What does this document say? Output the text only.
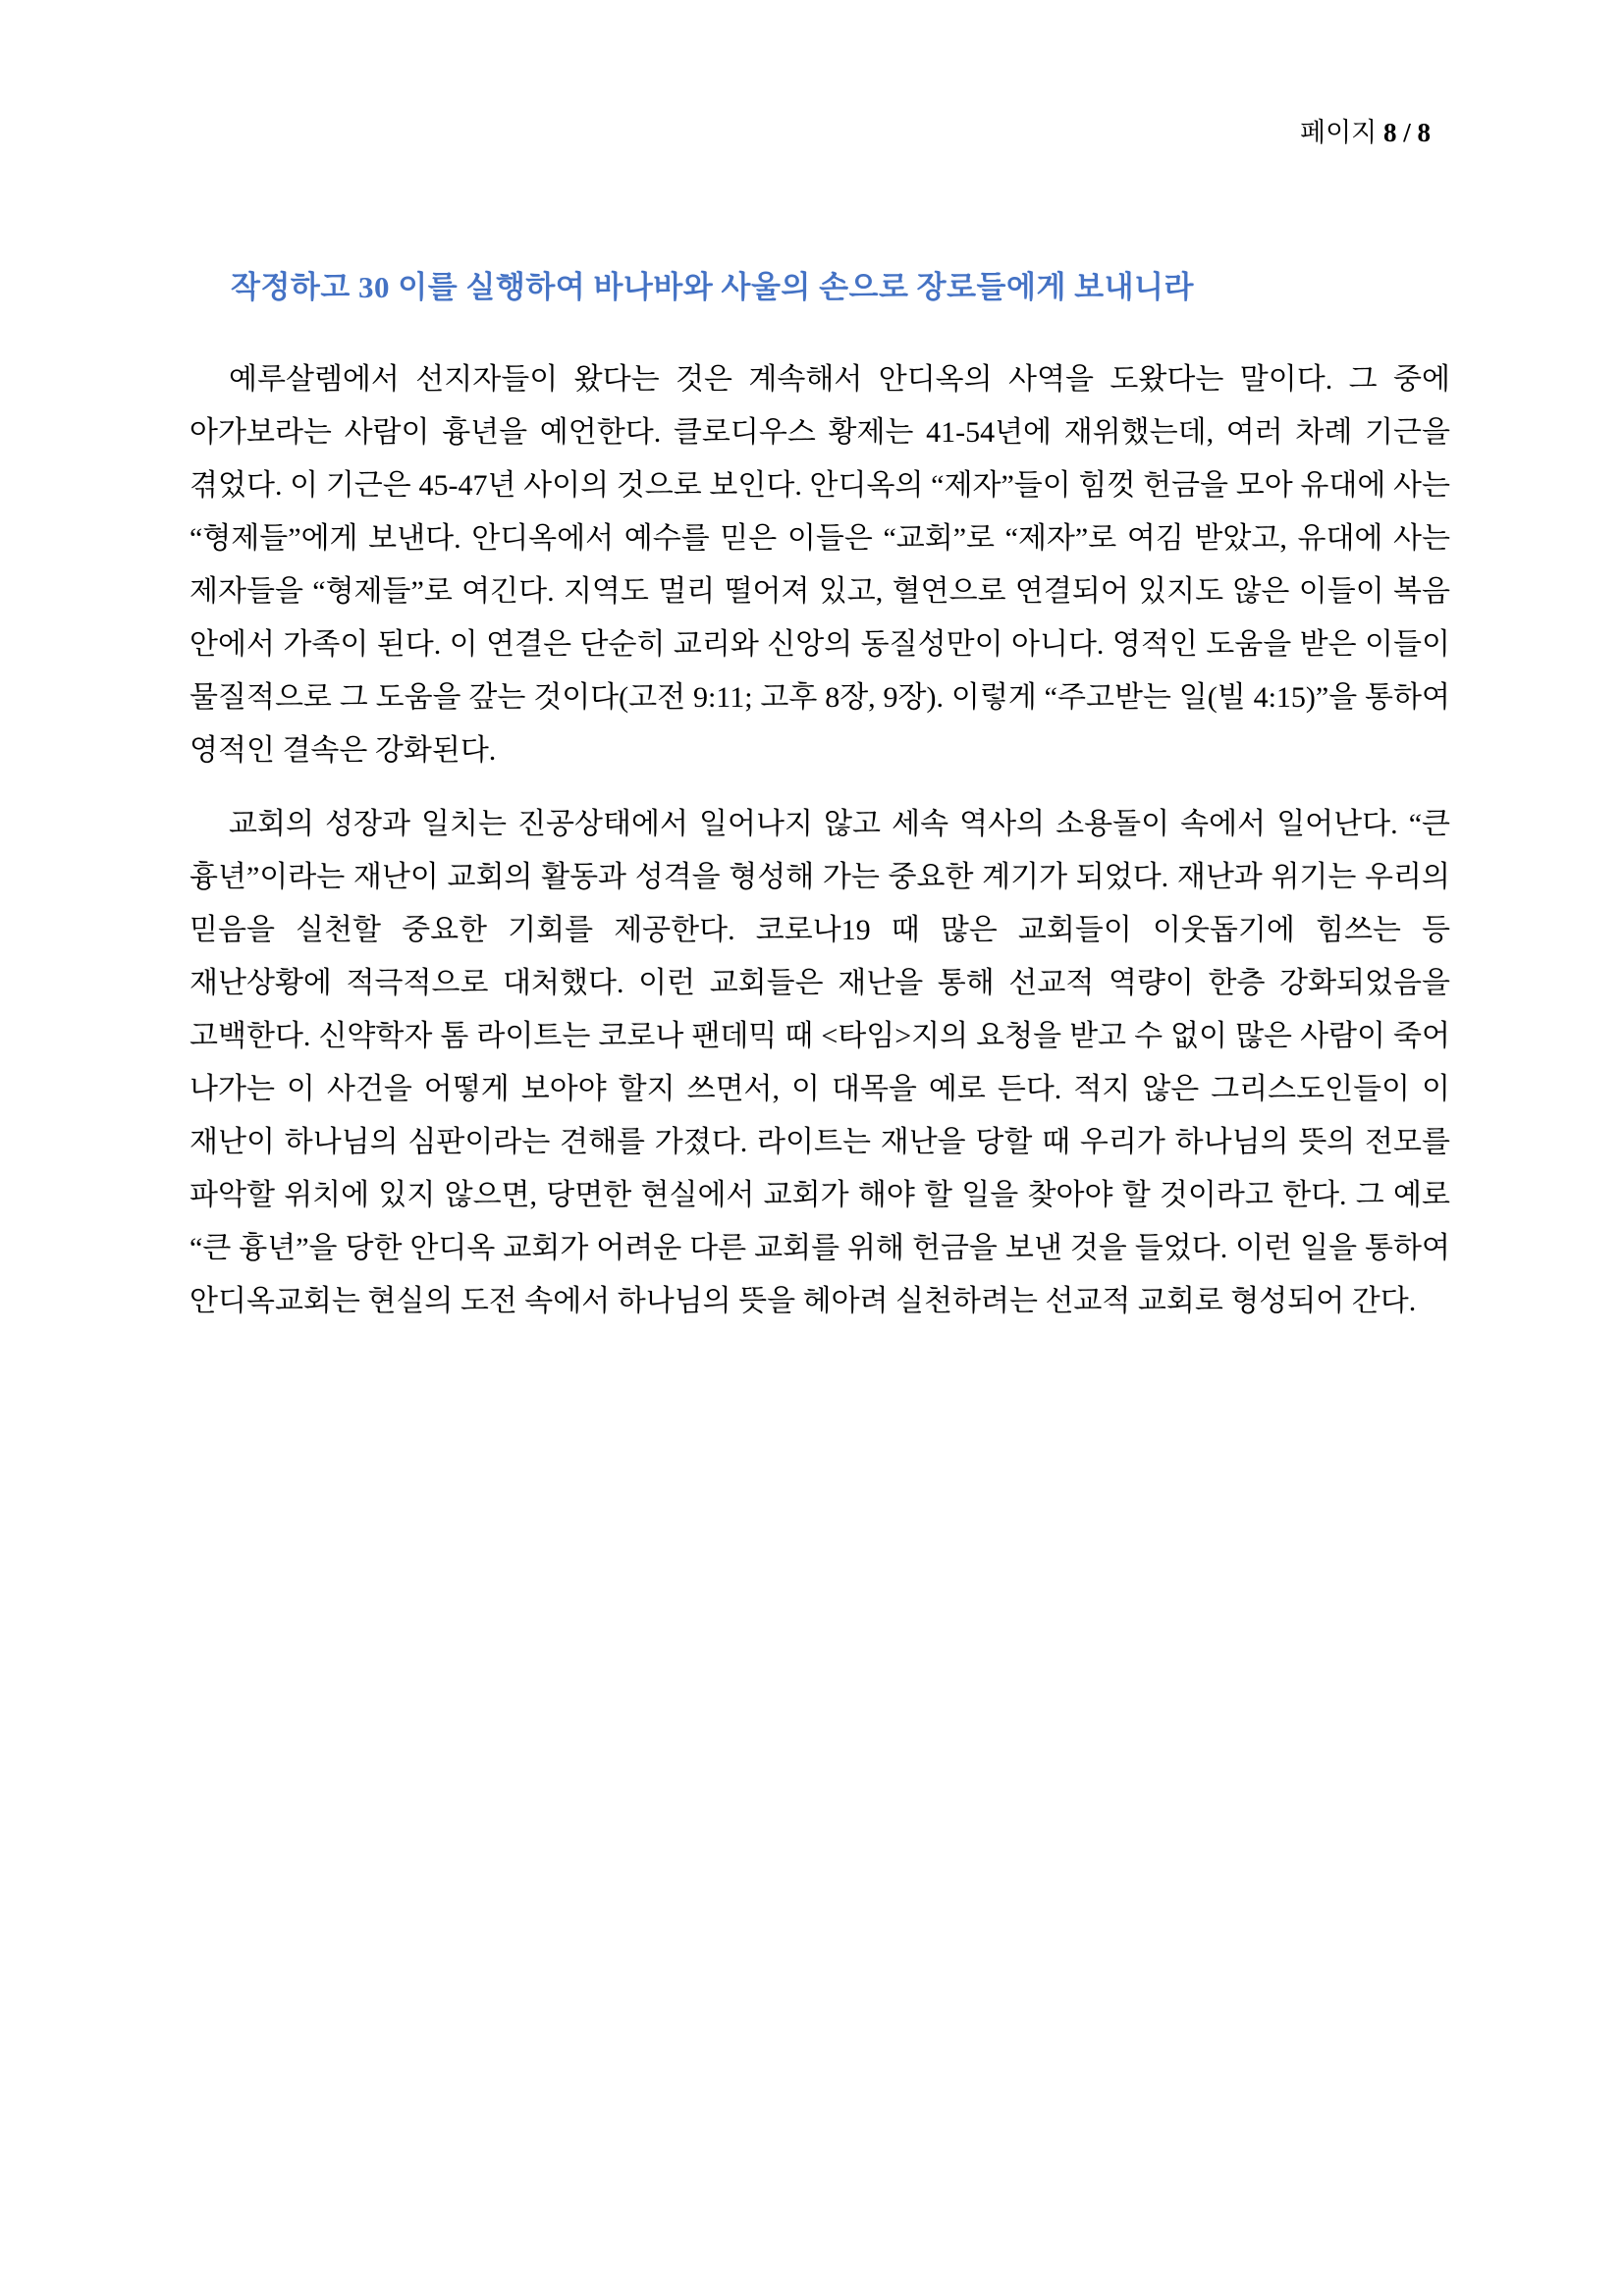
페이지 8 / 8
작정하고 30 이를 실행하여 바나바와 사울의 손으로 장로들에게 보내니라

예루살렘에서 선지자들이 왔다는 것은 계속해서 안디옥의 사역을 도왔다는 말이다. 그 중에 아가보라는 사람이 흉년을 예언한다. 클로디우스 황제는 41-54년에 재위했는데, 여러 차례 기근을 겪었다. 이 기근은 45-47년 사이의 것으로 보인다. 안디옥의 “제자”들이 힘껏 헌금을 모아 유대에 사는 “형제들”에게 보낸다. 안디옥에서 예수를 믿은 이들은 “교회”로 “제자”로 여김 받았고, 유대에 사는 제자들을 “형제들”로 여긴다. 지역도 멀리 떨어져 있고, 혈연으로 연결되어 있지도 않은 이들이 복음 안에서 가족이 된다. 이 연결은 단순히 교리와 신앙의 동질성만이 아니다. 영적인 도움을 받은 이들이 물질적으로 그 도움을 갚는 것이다(고전 9:11; 고후 8장, 9장). 이렇게 “주고받는 일(빌 4:15)”을 통하여 영적인 결속은 강화된다.

교회의 성장과 일치는 진공상태에서 일어나지 않고 세속 역사의 소용돌이 속에서 일어난다. “큰 흉년”이라는 재난이 교회의 활동과 성격을 형성해 가는 중요한 계기가 되었다. 재난과 위기는 우리의 믿음을 실천할 중요한 기회를 제공한다. 코로나19 때 많은 교회들이 이웃돕기에 힘쓰는 등 재난상황에 적극적으로 대처했다. 이런 교회들은 재난을 통해 선교적 역량이 한층 강화되었음을 고백한다. 신약학자 톰 라이트는 코로나 팬데믹 때 <타임>지의 요청을 받고 수 없이 많은 사람이 죽어 나가는 이 사건을 어떻게 보아야 할지 쓰면서, 이 대목을 예로 든다. 적지 않은 그리스도인들이 이 재난이 하나님의 심판이라는 견해를 가졌다. 라이트는 재난을 당할 때 우리가 하나님의 뜻의 전모를 파악할 위치에 있지 않으면, 당면한 현실에서 교회가 해야 할 일을 찾아야 할 것이라고 한다. 그 예로 “큰 흉년”을 당한 안디옥 교회가 어려운 다른 교회를 위해 헌금을 보낸 것을 들었다. 이런 일을 통하여 안디옥교회는 현실의 도전 속에서 하나님의 뜻을 헤아려 실천하려는 선교적 교회로 형성되어 간다.
